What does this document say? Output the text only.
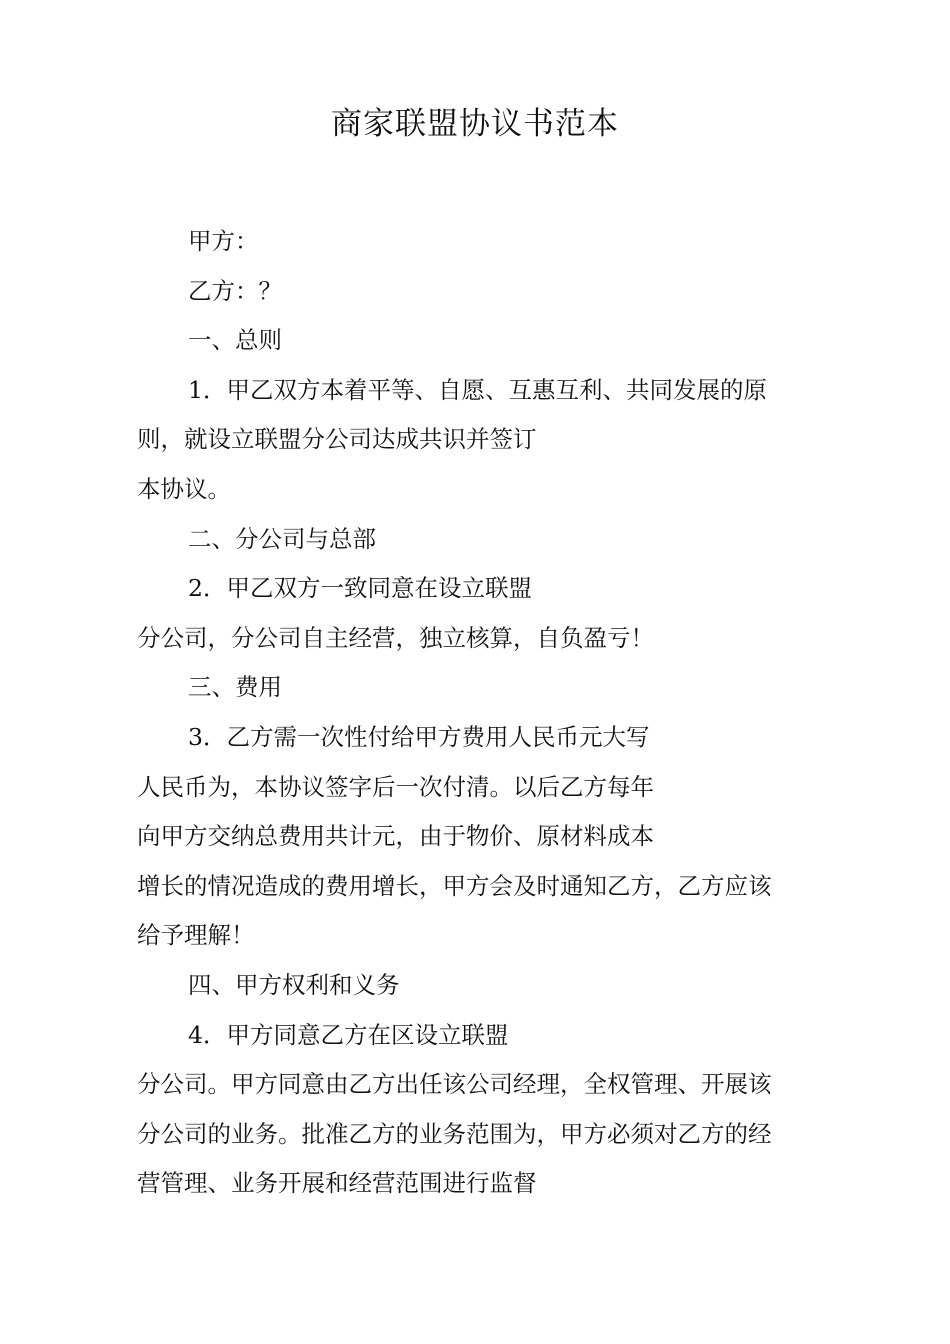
商家联盟协议书范本
甲方：
乙方：？
一、总则
1．甲乙双方本着平等、自愿、互惠互利、共同发展的原
则，就设立联盟分公司达成共识并签订
本协议。
二、分公司与总部
2．甲乙双方一致同意在设立联盟
分公司，分公司自主经营，独立核算，自负盈亏！
三、费用
3．乙方需一次性付给甲方费用人民币元大写
人民币为，本协议签字后一次付清。以后乙方每年
向甲方交纳总费用共计元，由于物价、原材料成本
增长的情况造成的费用增长，甲方会及时通知乙方，乙方应该
给予理解！
四、甲方权利和义务
4．甲方同意乙方在区设立联盟
分公司。甲方同意由乙方出任该公司经理，全权管理、开展该
分公司的业务。批准乙方的业务范围为，甲方必须对乙方的经
营管理、业务开展和经营范围进行监督
